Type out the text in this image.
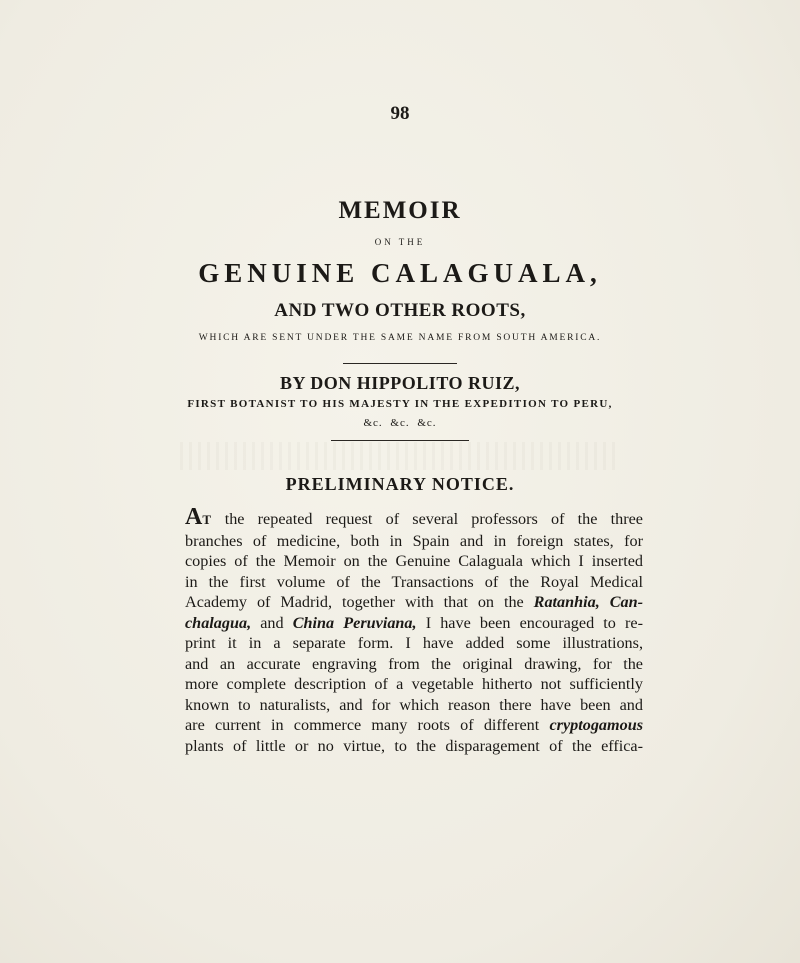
98
MEMOIR
ON THE
GENUINE CALAGUALA,
AND TWO OTHER ROOTS,
WHICH ARE SENT UNDER THE SAME NAME FROM SOUTH AMERICA.
BY DON HIPPOLITO RUIZ,
FIRST BOTANIST TO HIS MAJESTY IN THE EXPEDITION TO PERU,
&c. &c. &c.
PRELIMINARY NOTICE.
AT the repeated request of several professors of the three
branches of medicine, both in Spain and in foreign states, for
copies of the Memoir on the Genuine Calaguala which I inserted
in the first volume of the Transactions of the Royal Medical
Academy of Madrid, together with that on the Ratanhia, Can-
chalagua, and China Peruviana, I have been encouraged to re-
print it in a separate form. I have added some illustrations,
and an accurate engraving from the original drawing, for the
more complete description of a vegetable hitherto not sufficiently
known to naturalists, and for which reason there have been and
are current in commerce many roots of different cryptogamous
plants of little or no virtue, to the disparagement of the effica-
